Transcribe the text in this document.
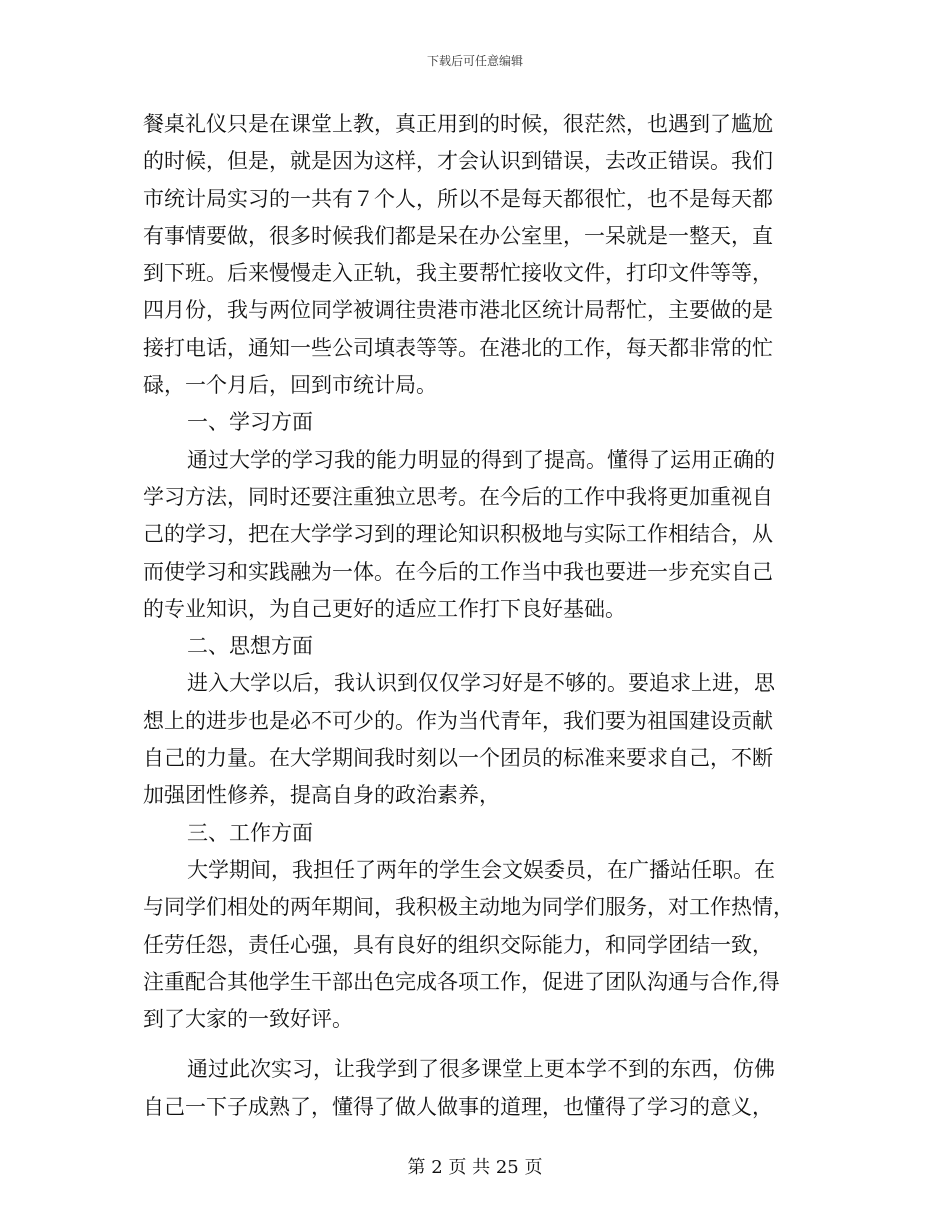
下载后可任意编辑
餐桌礼仪只是在课堂上教，真正用到的时候，很茫然，也遇到了尴尬
的时候，但是，就是因为这样，才会认识到错误，去改正错误。我们
市统计局实习的一共有７个人，所以不是每天都很忙，也不是每天都
有事情要做，很多时候我们都是呆在办公室里，一呆就是一整天，直
到下班。后来慢慢走入正轨，我主要帮忙接收文件，打印文件等等，
四月份，我与两位同学被调往贵港市港北区统计局帮忙，主要做的是
接打电话，通知一些公司填表等等。在港北的工作，每天都非常的忙
碌，一个月后，回到市统计局。
一、学习方面
通过大学的学习我的能力明显的得到了提高。懂得了运用正确的
学习方法，同时还要注重独立思考。在今后的工作中我将更加重视自
己的学习，把在大学学习到的理论知识积极地与实际工作相结合，从
而使学习和实践融为一体。在今后的工作当中我也要进一步充实自己
的专业知识，为自己更好的适应工作打下良好基础。
二、思想方面
进入大学以后，我认识到仅仅学习好是不够的。要追求上进，思
想上的进步也是必不可少的。作为当代青年，我们要为祖国建设贡献
自己的力量。在大学期间我时刻以一个团员的标准来要求自己，不断
加强团性修养，提高自身的政治素养，
三、工作方面
大学期间，我担任了两年的学生会文娱委员，在广播站任职。在
与同学们相处的两年期间，我积极主动地为同学们服务，对工作热情，
任劳任怨，责任心强，具有良好的组织交际能力，和同学团结一致，
注重配合其他学生干部出色完成各项工作，促进了团队沟通与合作,得
到了大家的一致好评。
通过此次实习，让我学到了很多课堂上更本学不到的东西，仿佛
自己一下子成熟了，懂得了做人做事的道理，也懂得了学习的意义，
第 2 页 共 25 页
